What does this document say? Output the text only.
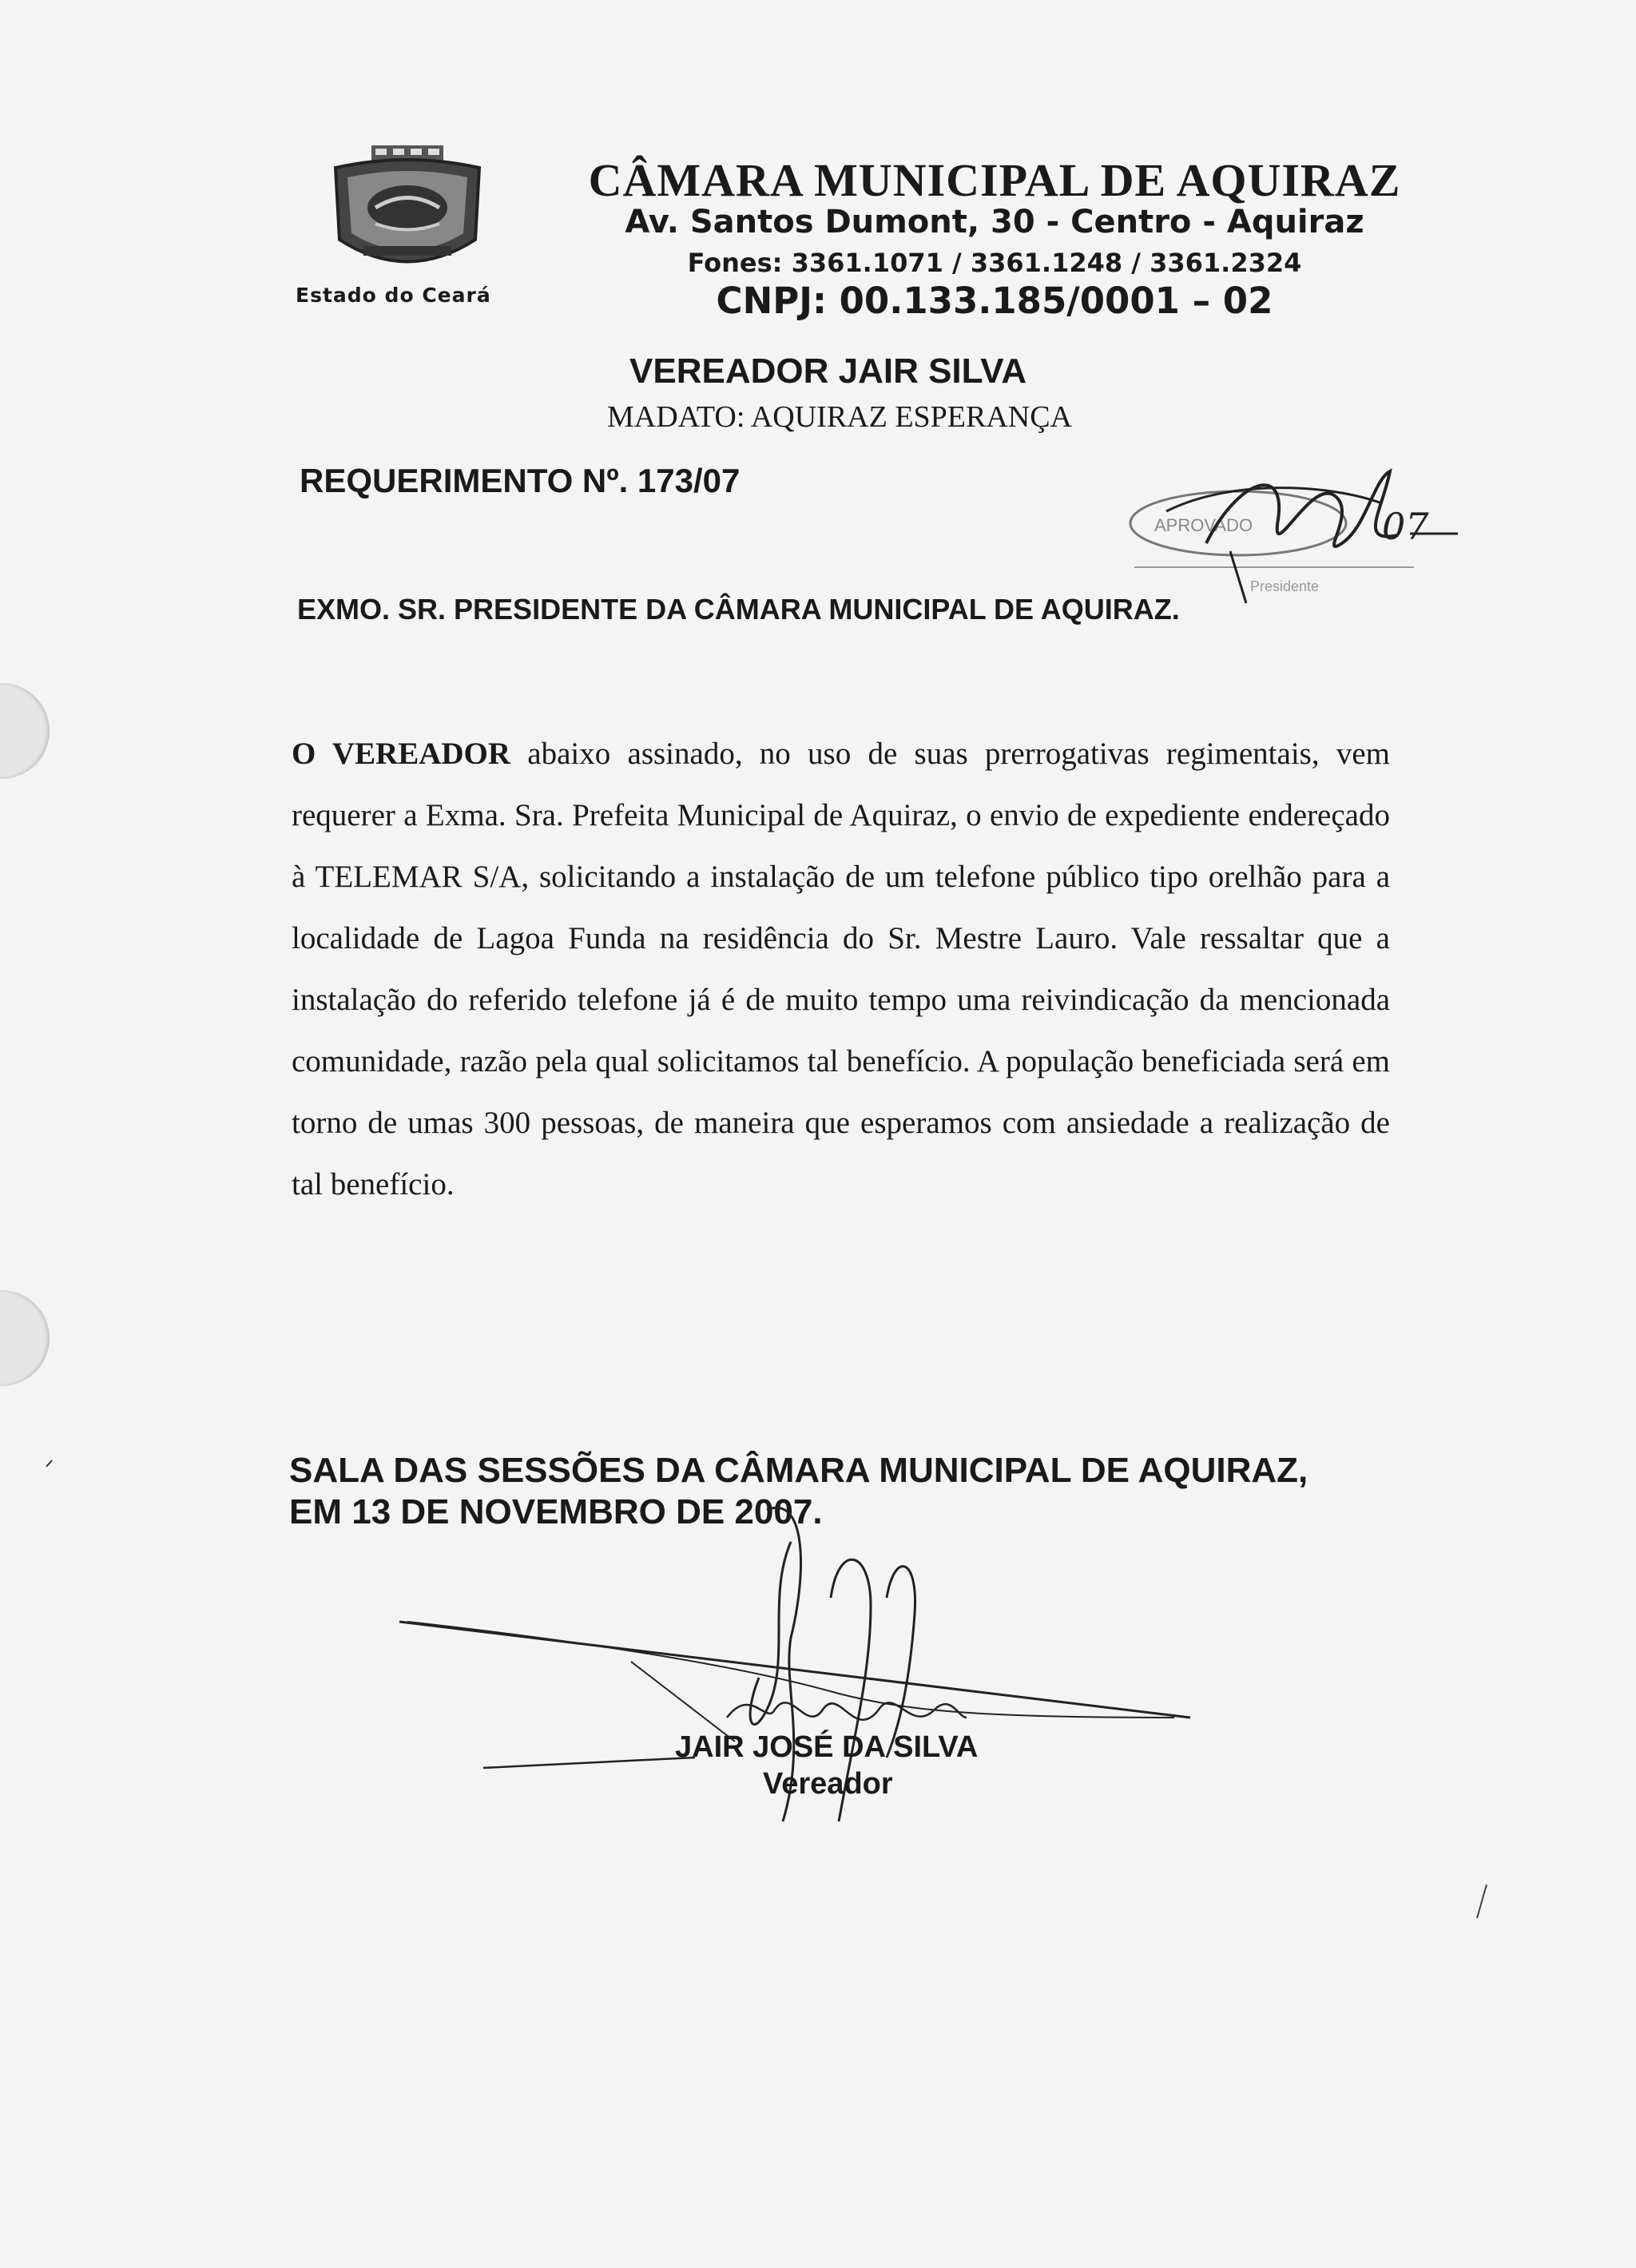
Estado do Ceará
CÂMARA MUNICIPAL DE AQUIRAZ
Av. Santos Dumont, 30 - Centro - Aquiraz
Fones: 3361.1071 / 3361.1248 / 3361.2324
CNPJ: 00.133.185/0001 – 02
VEREADOR JAIR SILVA
MADATO: AQUIRAZ ESPERANÇA
REQUERIMENTO Nº. 173/07
APROVADO
Presidente
07
EXMO. SR. PRESIDENTE DA CÂMARA MUNICIPAL DE AQUIRAZ.
O VEREADOR abaixo assinado, no uso de suas prerrogativas regimentais, vem requerer a Exma. Sra. Prefeita Municipal de Aquiraz, o envio de expediente endereçado à TELEMAR S/A, solicitando a instalação de um telefone público tipo orelhão para a localidade de Lagoa Funda na residência do Sr. Mestre Lauro. Vale ressaltar que a instalação do referido telefone já é de muito tempo uma reivindicação da mencionada comunidade, razão pela qual solicitamos tal benefício. A população beneficiada será em torno de umas 300 pessoas, de maneira que esperamos com ansiedade a realização de tal benefício.
SALA DAS SESSÕES DA CÂMARA MUNICIPAL DE AQUIRAZ,
EM 13 DE NOVEMBRO DE 2007.
JAIR JOSÉ DA SILVA
Vereador
